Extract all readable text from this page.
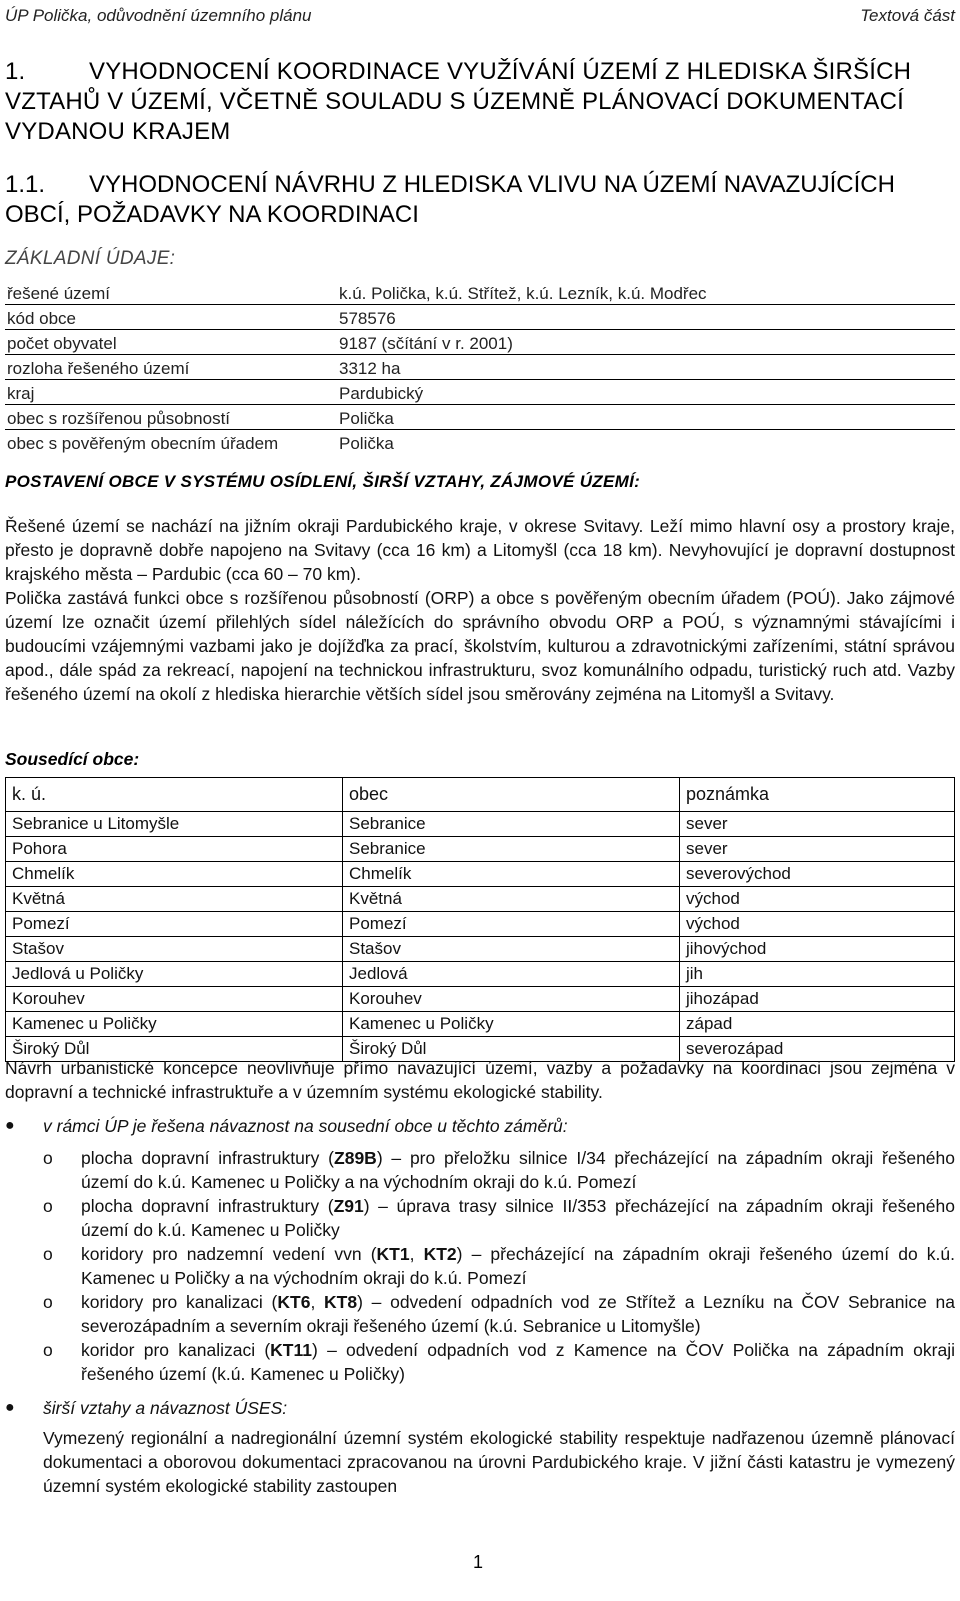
ÚP Polička, odůvodnění územního plánu	Textová část
1.	VYHODNOCENÍ KOORDINACE VYUŽÍVÁNÍ ÚZEMÍ Z HLEDISKA ŠIRŠÍCH VZTAHŮ V ÚZEMÍ, VČETNĚ SOULADU S ÚZEMNĚ PLÁNOVACÍ DOKUMENTACÍ VYDANOU KRAJEM
1.1. VYHODNOCENÍ NÁVRHU Z HLEDISKA VLIVU NA ÚZEMÍ NAVAZUJÍCÍCH OBCÍ, POŽADAVKY NA KOORDINACI
ZÁKLADNÍ ÚDAJE:
řešené území	k.ú. Polička, k.ú. Střítež, k.ú. Lezník, k.ú. Modřec
kód obce	578576
počet obyvatel	9187 (sčítání v r. 2001)
rozloha řešeného území	3312 ha
kraj	Pardubický
obec s rozšířenou působností	Polička
obec s pověřeným obecním úřadem	Polička
POSTAVENÍ OBCE V SYSTÉMU OSÍDLENÍ, ŠIRŠÍ VZTAHY, ZÁJMOVÉ ÚZEMÍ:
Řešené území se nachází na jižním okraji Pardubického kraje, v okrese Svitavy. Leží mimo hlavní osy a prostory kraje, přesto je dopravně dobře napojeno na Svitavy (cca 16 km) a Litomyšl (cca 18 km). Nevyhovující je dopravní dostupnost krajského města – Pardubic (cca 60 – 70 km).
Polička zastává funkci obce s rozšířenou působností (ORP) a obce s pověřeným obecním úřadem (POÚ). Jako zájmové území lze označit území přilehlých sídel náležících do správního obvodu ORP a POÚ, s významnými stávajícími i budoucími vzájemnými vazbami jako je dojížďka za prací, školstvím, kulturou a zdravotnickými zařízeními, státní správou apod., dále spád za rekreací, napojení na technickou infrastrukturu, svoz komunálního odpadu, turistický ruch atd. Vazby řešeného území na okolí z hlediska hierarchie větších sídel jsou směrovány zejména na Litomyšl a Svitavy.
Sousedící obce:
k. ú.	obec	poznámka
Sebranice u Litomyšle	Sebranice	sever
Pohora	Sebranice	sever
Chmelík	Chmelík	severovýchod
Květná	Květná	východ
Pomezí	Pomezí	východ
Stašov	Stašov	jihovýchod
Jedlová u Poličky	Jedlová	jih
Korouhev	Korouhev	jihozápad
Kamenec u Poličky	Kamenec u Poličky	západ
Široký Důl	Široký Důl	severozápad
Návrh urbanistické koncepce neovlivňuje přímo navazující území, vazby a požadavky na koordinaci jsou zejména v dopravní a technické infrastruktuře a v územním systému ekologické stability.
● v rámci ÚP je řešena návaznost na sousední obce u těchto záměrů:
o plocha dopravní infrastruktury (Z89B) – pro přeložku silnice I/34 přecházející na západním okraji řešeného území do k.ú. Kamenec u Poličky a na východním okraji do k.ú. Pomezí
o plocha dopravní infrastruktury (Z91) – úprava trasy silnice II/353 přecházející na západním okraji řešeného území do k.ú. Kamenec u Poličky
o koridory pro nadzemní vedení vvn (KT1, KT2) – přecházející na západním okraji řešeného území do k.ú. Kamenec u Poličky a na východním okraji do k.ú. Pomezí
o koridory pro kanalizaci (KT6, KT8) – odvedení odpadních vod ze Střítež a Lezníku na ČOV Sebranice na severozápadním a severním okraji řešeného území (k.ú. Sebranice u Litomyšle)
o koridor pro kanalizaci (KT11) – odvedení odpadních vod z Kamence na ČOV Polička na západním okraji řešeného území (k.ú. Kamenec u Poličky)
● širší vztahy a návaznost ÚSES:
Vymezený regionální a nadregionální územní systém ekologické stability respektuje nadřazenou územně plánovací dokumentaci a oborovou dokumentaci zpracovanou na úrovni Pardubického kraje. V jižní části katastru je vymezený územní systém ekologické stability zastoupen
1
